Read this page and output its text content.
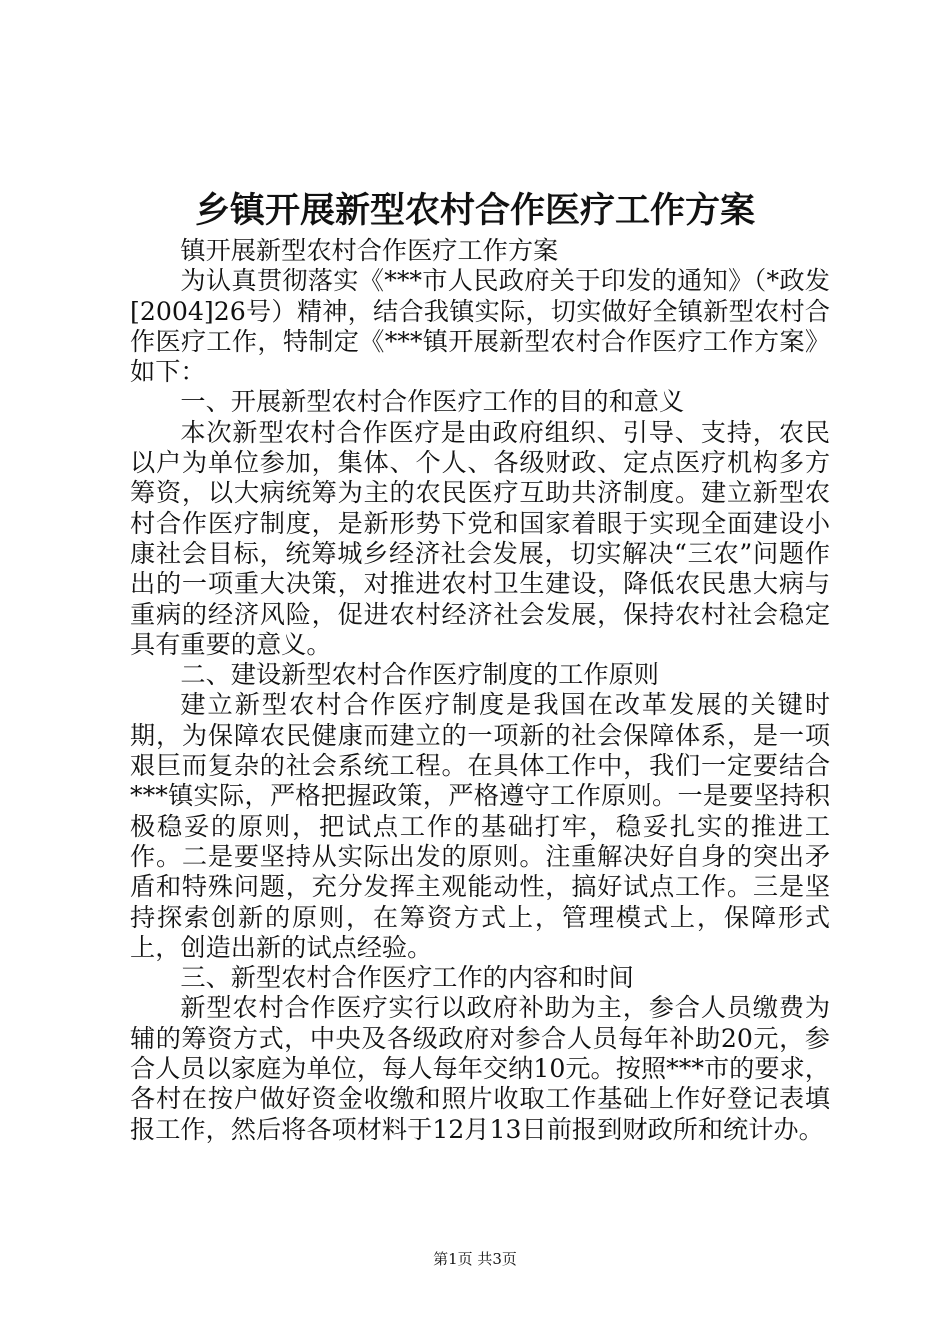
乡镇开展新型农村合作医疗工作方案

镇开展新型农村合作医疗工作方案

为认真贯彻落实《***市人民政府关于印发的通知》（*政发[2004]26号）精神，结合我镇实际，切实做好全镇新型农村合作医疗工作，特制定《***镇开展新型农村合作医疗工作方案》如下：

一、开展新型农村合作医疗工作的目的和意义

本次新型农村合作医疗是由政府组织、引导、支持，农民以户为单位参加，集体、个人、各级财政、定点医疗机构多方筹资，以大病统筹为主的农民医疗互助共济制度。建立新型农村合作医疗制度，是新形势下党和国家着眼于实现全面建设小康社会目标，统筹城乡经济社会发展，切实解决“三农”问题作出的一项重大决策，对推进农村卫生建设，降低农民患大病与重病的经济风险，促进农村经济社会发展，保持农村社会稳定具有重要的意义。

二、建设新型农村合作医疗制度的工作原则

建立新型农村合作医疗制度是我国在改革发展的关键时期，为保障农民健康而建立的一项新的社会保障体系，是一项艰巨而复杂的社会系统工程。在具体工作中，我们一定要结合***镇实际，严格把握政策，严格遵守工作原则。一是要坚持积极稳妥的原则，把试点工作的基础打牢，稳妥扎实的推进工作。二是要坚持从实际出发的原则。注重解决好自身的突出矛盾和特殊问题，充分发挥主观能动性，搞好试点工作。三是坚持探索创新的原则，在筹资方式上，管理模式上，保障形式上，创造出新的试点经验。

三、新型农村合作医疗工作的内容和时间

新型农村合作医疗实行以政府补助为主，参合人员缴费为辅的筹资方式，中央及各级政府对参合人员每年补助20元，参合人员以家庭为单位，每人每年交纳10元。按照***市的要求，各村在按户做好资金收缴和照片收取工作基础上作好登记表填报工作，然后将各项材料于12月13日前报到财政所和统计办。

第1页 共3页
